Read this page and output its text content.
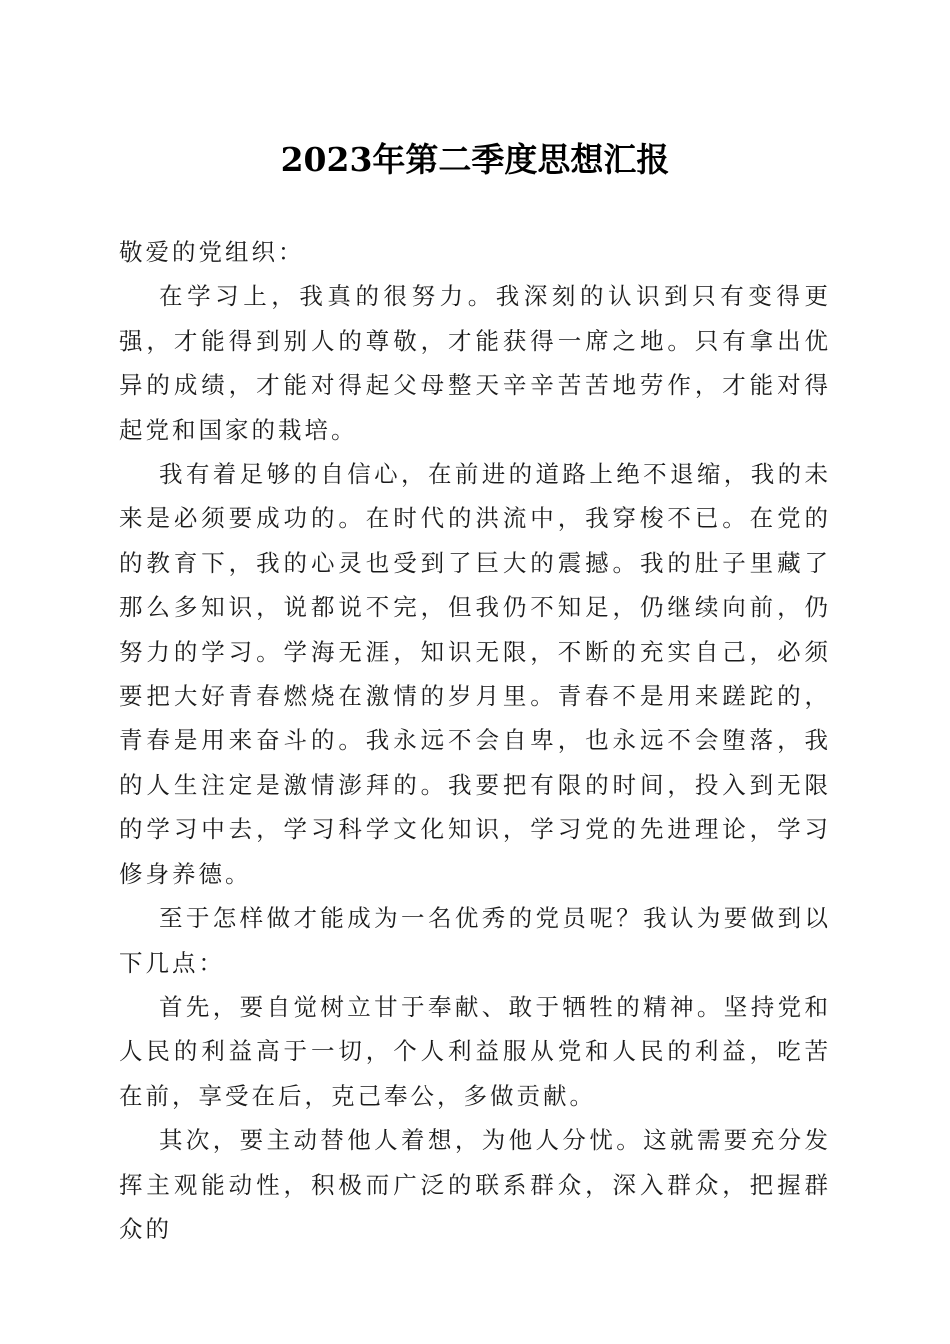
2023年第二季度思想汇报

敬爱的党组织：

在学习上，我真的很努力。我深刻的认识到只有变得更强，才能得到别人的尊敬，才能获得一席之地。只有拿出优异的成绩，才能对得起父母整天辛辛苦苦地劳作，才能对得起党和国家的栽培。

我有着足够的自信心，在前进的道路上绝不退缩，我的未来是必须要成功的。在时代的洪流中，我穿梭不已。在党的的教育下，我的心灵也受到了巨大的震撼。我的肚子里藏了那么多知识，说都说不完，但我仍不知足，仍继续向前，仍努力的学习。学海无涯，知识无限，不断的充实自己，必须要把大好青春燃烧在激情的岁月里。青春不是用来蹉跎的，青春是用来奋斗的。我永远不会自卑，也永远不会堕落，我的人生注定是激情澎拜的。我要把有限的时间，投入到无限的学习中去，学习科学文化知识，学习党的先进理论，学习修身养德。

至于怎样做才能成为一名优秀的党员呢？我认为要做到以下几点：

首先，要自觉树立甘于奉献、敢于牺牲的精神。坚持党和人民的利益高于一切，个人利益服从党和人民的利益，吃苦在前，享受在后，克己奉公，多做贡献。

其次，要主动替他人着想，为他人分忧。这就需要充分发挥主观能动性，积极而广泛的联系群众，深入群众，把握群众的
